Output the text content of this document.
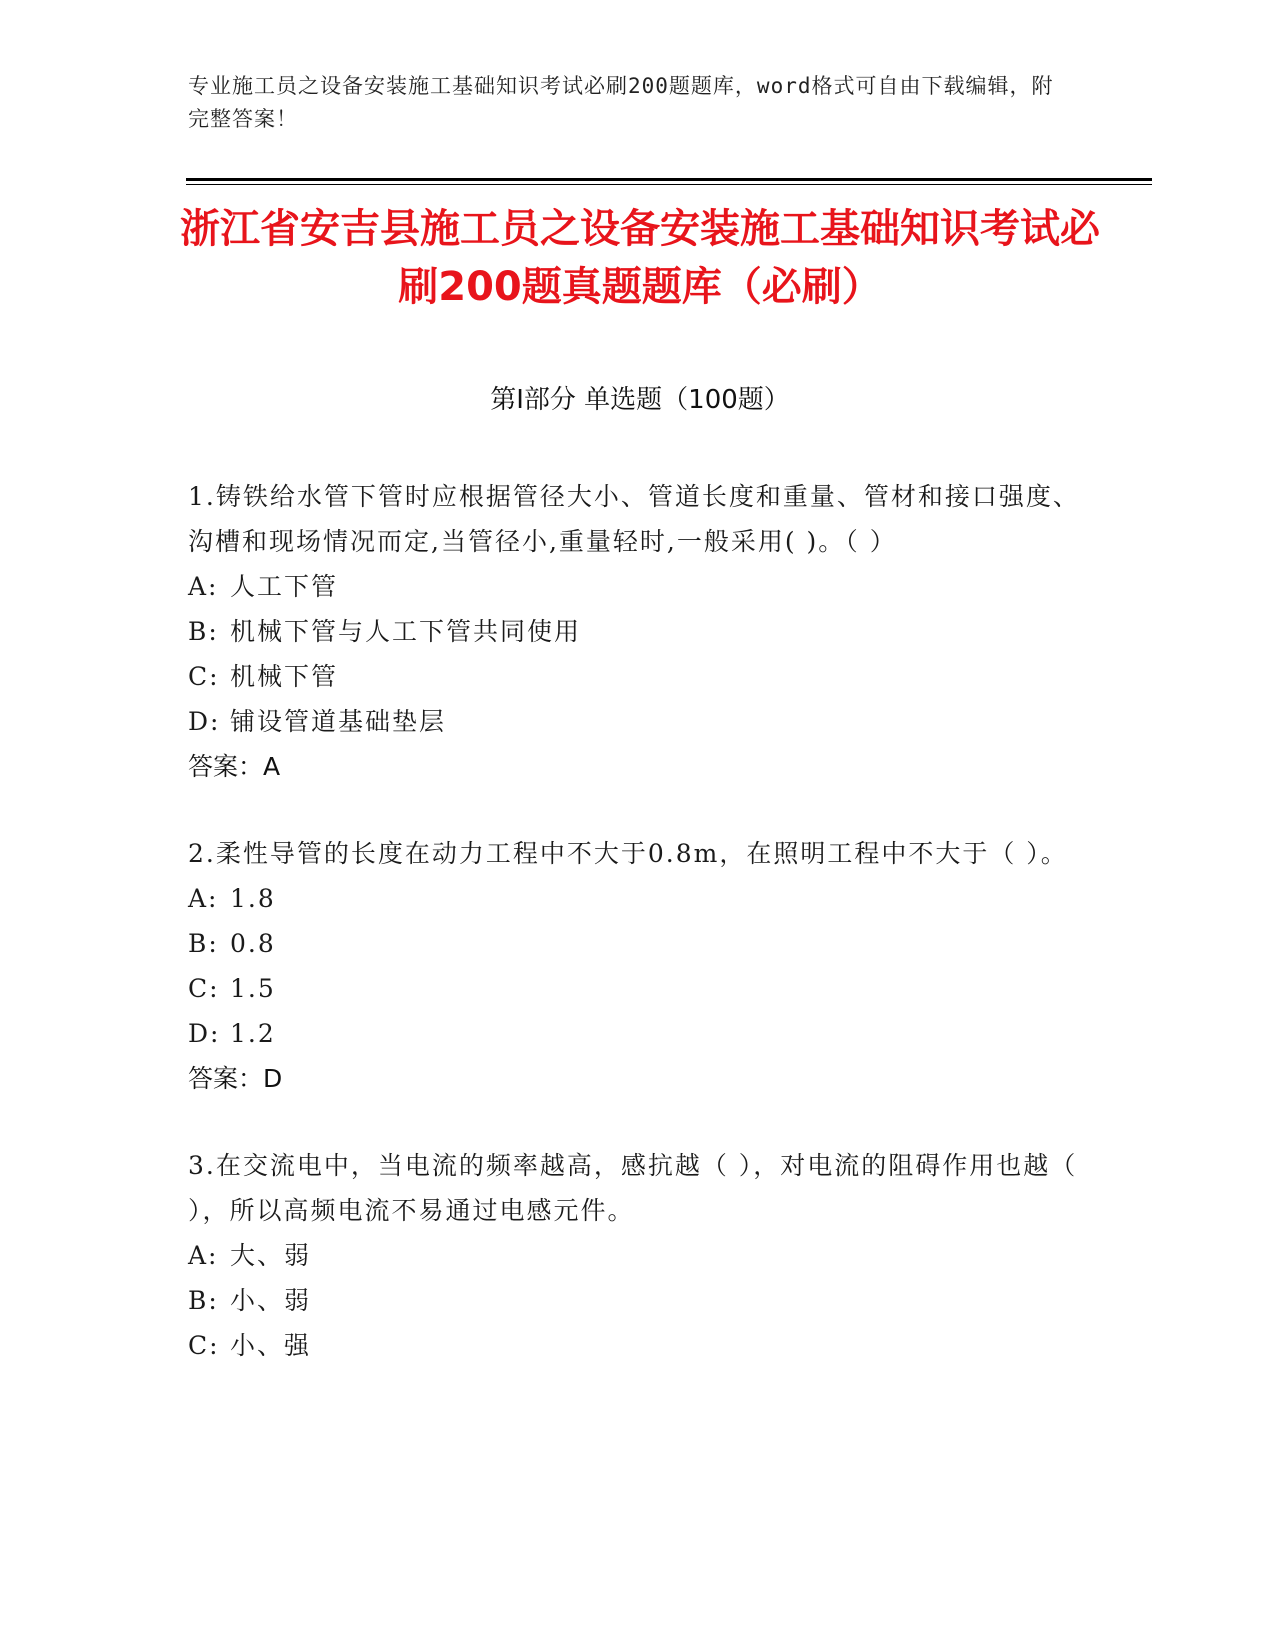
专业施工员之设备安装施工基础知识考试必刷200题题库，word格式可自由下载编辑，附完整答案！
浙江省安吉县施工员之设备安装施工基础知识考试必刷200题真题题库（必刷）
第Ⅰ部分 单选题（100题）
1.铸铁给水管下管时应根据管径大小、管道长度和重量、管材和接口强度、沟槽和现场情况而定,当管径小,重量轻时,一般采用( )。（ ）
A: 人工下管
B: 机械下管与人工下管共同使用
C: 机械下管
D: 铺设管道基础垫层
答案：A
2.柔性导管的长度在动力工程中不大于0.8m，在照明工程中不大于（ ）。
A: 1.8
B: 0.8
C: 1.5
D: 1.2
答案：D
3.在交流电中，当电流的频率越高，感抗越（ ），对电流的阻碍作用也越（ ），所以高频电流不易通过电感元件。
A: 大、弱
B: 小、弱
C: 小、强
